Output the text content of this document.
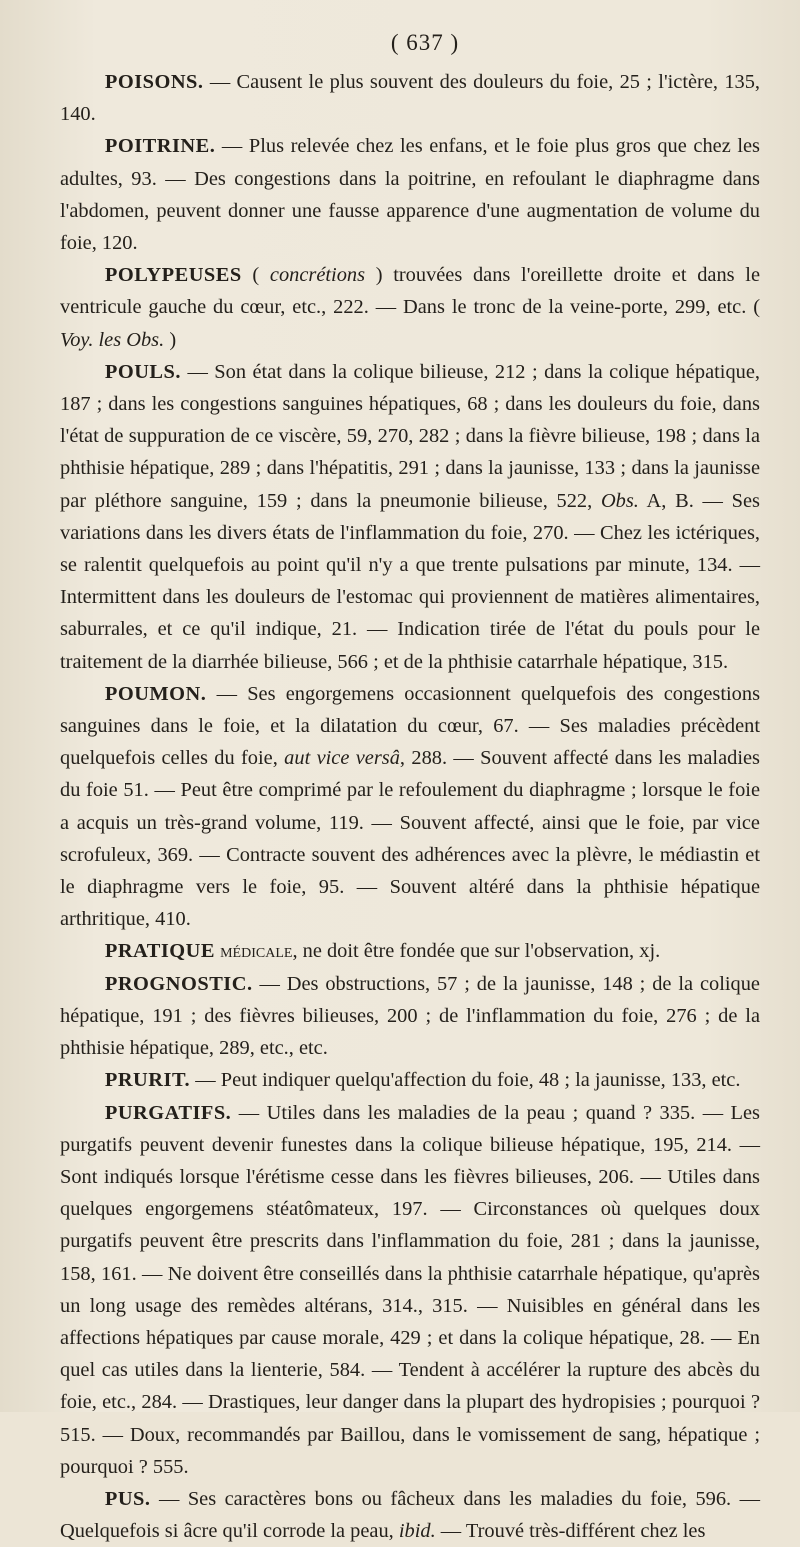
( 637 )

POISONS. — Causent le plus souvent des douleurs du foie, 25 ; l'ictère, 135, 140.

POITRINE. — Plus relevée chez les enfans, et le foie plus gros que chez les adultes, 93. — Des congestions dans la poitrine, en refoulant le diaphragme dans l'abdomen, peuvent donner une fausse apparence d'une augmentation de volume du foie, 120.

POLYPEUSES ( concrétions ) trouvées dans l'oreillette droite et dans le ventricule gauche du cœur, etc., 222. — Dans le tronc de la veine-porte, 299, etc. ( Voy. les Obs. )

POULS. — Son état dans la colique bilieuse, 212 ; dans la colique hépatique, 187 ; dans les congestions sanguines hépatiques, 68 ; dans les douleurs du foie, dans l'état de suppuration de ce viscère, 59, 270, 282 ; dans la fièvre bilieuse, 198 ; dans la phthisie hépatique, 289 ; dans l'hépatitis, 291 ; dans la jaunisse, 133 ; dans la jaunisse par pléthore sanguine, 159 ; dans la pneumonie bilieuse, 522, Obs. A, B. — Ses variations dans les divers états de l'inflammation du foie, 270. — Chez les ictériques, se ralentit quelquefois au point qu'il n'y a que trente pulsations par minute, 134. — Intermittent dans les douleurs de l'estomac qui proviennent de matières alimentaires, saburrales, et ce qu'il indique, 21. — Indication tirée de l'état du pouls pour le traitement de la diarrhée bilieuse, 566 ; et de la phthisie catarrhale hépatique, 315.

POUMON. — Ses engorgemens occasionnent quelquefois des congestions sanguines dans le foie, et la dilatation du cœur, 67. — Ses maladies précèdent quelquefois celles du foie, aut vice versâ, 288. — Souvent affecté dans les maladies du foie 51. — Peut être comprimé par le refoulement du diaphragme ; lorsque le foie a acquis un très-grand volume, 119. — Souvent affecté, ainsi que le foie, par vice scrofuleux, 369. — Contracte souvent des adhérences avec la plèvre, le médiastin et le diaphragme vers le foie, 95. — Souvent altéré dans la phthisie hépatique arthritique, 410.

PRATIQUE médicale, ne doit être fondée que sur l'observation, xj.

PROGNOSTIC. — Des obstructions, 57 ; de la jaunisse, 148 ; de la colique hépatique, 191 ; des fièvres bilieuses, 200 ; de l'inflammation du foie, 276 ; de la phthisie hépatique, 289, etc., etc.

PRURIT. — Peut indiquer quelqu'affection du foie, 48 ; la jaunisse, 133, etc.

PURGATIFS. — Utiles dans les maladies de la peau ; quand ? 335. — Les purgatifs peuvent devenir funestes dans la colique bilieuse hépatique, 195, 214. — Sont indiqués lorsque l'érétisme cesse dans les fièvres bilieuses, 206. — Utiles dans quelques engorgemens stéatômateux, 197. — Circonstances où quelques doux purgatifs peuvent être prescrits dans l'inflammation du foie, 281 ; dans la jaunisse, 158, 161. — Ne doivent être conseillés dans la phthisie catarrhale hépatique, qu'après un long usage des remèdes altérans, 314., 315. — Nuisibles en général dans les affections hépatiques par cause morale, 429 ; et dans la colique hépatique, 28. — En quel cas utiles dans la lienterie, 584. — Tendent à accélérer la rupture des abcès du foie, etc., 284. — Drastiques, leur danger dans la plupart des hydropisies ; pourquoi ? 515. — Doux, recommandés par Baillou, dans le vomissement de sang, hépatique ; pourquoi ? 555.

PUS. — Ses caractères bons ou fâcheux dans les maladies du foie, 596. — Quelquefois si âcre qu'il corrode la peau, ibid. — Trouvé très-différent chez les
